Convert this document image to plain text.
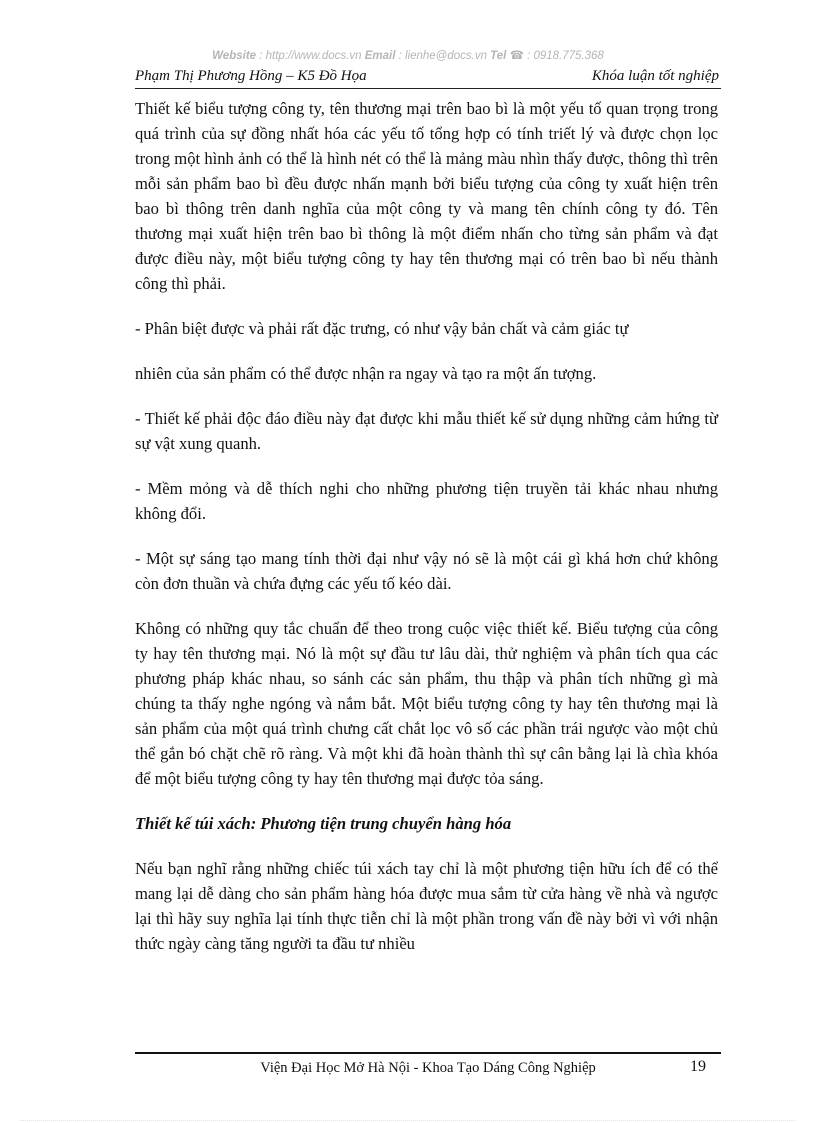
Website : http://www.docs.vn Email : lienhe@docs.vn Tel ☎ : 0918.775.368
Phạm Thị Phương Hồng – K5 Đồ Họa	Khóa luận tốt nghiệp

Thiết kế biểu tượng công ty, tên thương mại trên bao bì là một yếu tố quan trọng trong quá trình của sự đồng nhất hóa các yếu tố tổng hợp có tính triết lý và được chọn lọc trong một hình ảnh có thể là hình nét có thể là mảng màu nhìn thấy được, thông thì trên mỗi sản phẩm bao bì đều được nhấn mạnh bởi biểu tượng của công ty xuất hiện trên bao bì thông trên danh nghĩa của một công ty và mang tên chính công ty đó. Tên thương mại xuất hiện trên bao bì thông là một điểm nhấn cho từng sản phẩm và đạt được điều này, một biểu tượng công ty hay tên thương mại có trên bao bì nếu thành công thì phải.

- Phân biệt được và phải rất đặc trưng, có như vậy bản chất và cảm giác tự

nhiên của sản phẩm có thể được nhận ra ngay và tạo ra một ấn tượng.

- Thiết kế phải độc đáo điều này đạt được khi mẫu thiết kế sử dụng những cảm hứng từ sự vật xung quanh.

- Mềm mỏng và dễ thích nghi cho những phương tiện truyền tải khác nhau nhưng không đổi.

- Một sự sáng tạo mang tính thời đại như vậy nó sẽ là một cái gì khá hơn chứ không còn đơn thuần và chứa đựng các yếu tố kéo dài.

Không có những quy tắc chuẩn để theo trong cuộc việc thiết kế. Biểu tượng của công ty hay tên thương mại. Nó là một sự đầu tư lâu dài, thử nghiệm và phân tích qua các phương pháp khác nhau, so sánh các sản phẩm, thu thập và phân tích những gì mà chúng ta thấy nghe ngóng và nắm bắt. Một biểu tượng công ty hay tên thương mại là sản phẩm của một quá trình chưng cất chắt lọc vô số các phần trái ngược vào một chủ thể gắn bó chặt chẽ rõ ràng. Và một khi đã hoàn thành thì sự cân bằng lại là chìa khóa để một biểu tượng công ty hay tên thương mại được tỏa sáng.

Thiết kế túi xách: Phương tiện trung chuyển hàng hóa

Nếu bạn nghĩ rằng những chiếc túi xách tay chỉ là một phương tiện hữu ích để có thể mang lại dễ dàng cho sản phẩm hàng hóa được mua sắm từ cửa hàng về nhà và ngược lại thì hãy suy nghĩa lại tính thực tiễn chỉ là một phần trong vấn đề này bởi vì với nhận thức ngày càng tăng người ta đầu tư nhiều

Viện Đại Học Mở Hà Nội - Khoa Tạo Dáng Công Nghiệp	19
